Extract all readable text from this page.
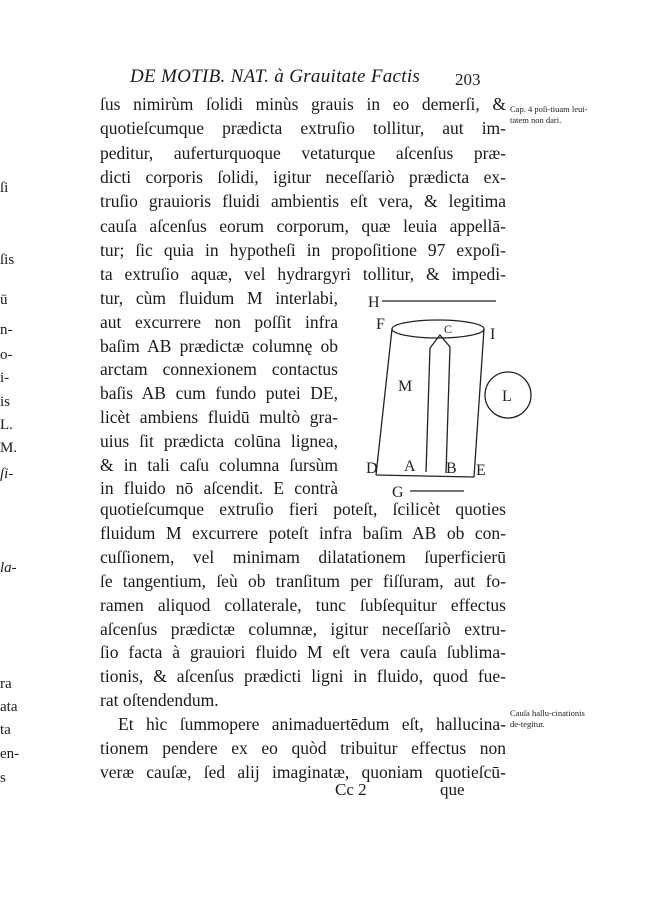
DE MOTIB. NAT. à Grauitate Factis 203
ſus nimirùm ſolidi minùs grauis in eo demerſi, &
quotieſcumque prædicta extruſio tollitur, aut im-
peditur, auferturquoque vetaturque aſcenſus præ-
dicti corporis ſolidi, igitur neceſſariò prædicta ex-
truſio grauioris fluidi ambientis eſt vera, & legitima
cauſa aſcenſus eorum corporum, quæ leuia appellā-
tur; ſic quia in hypotheſi in propoſitione 97 expoſi-
ta extruſio aquæ, vel hydrargyri tollitur, & impedi-
tur, cùm fluidum M interlabi,
aut excurrere non poſſit infra
baſim AB prædictæ columnę ob
arctam connexionem contactus
baſis AB cum fundo putei DE,
licèt ambiens fluidū multò gra-
uius ſit prædicta colūna lignea,
& in tali caſu columna ſursùm
in fluido nō aſcendit. E contrà
quotieſcumque extruſio fieri poteſt, ſcilicèt quoties
fluidum M excurrere poteſt infra baſim AB ob con-
cuſſionem, vel minimam dilatationem ſuperficierū
ſe tangentium, ſeù ob tranſitum per fiſſuram, aut fo-
ramen aliquod collaterale, tunc ſubſequitur effectus
aſcenſus prædictæ columnæ, igitur neceſſariò extru-
ſio facta à grauiori fluido M eſt vera cauſa ſublima-
tionis, & aſcenſus prædicti ligni in fluido, quod fue-
rat oſtendendum.
Et hìc ſummopere animaduertēdum eſt, hallucina-
tionem pendere ex eo quòd tribuitur effectus non
veræ cauſæ, ſed alij imaginatæ, quoniam quotieſcū-
Cap. 4 poſi-tiuam leui-tatem non dari.
Cauſa hallu-cinationis de-tegitur.
ſi
ſis
ū
n-
o-
i-
is
L.
M.
ſi-
la-
ra
ata
ta
en-
s
H
F	C I
M
L
D A B E
G
Cc 2	que
